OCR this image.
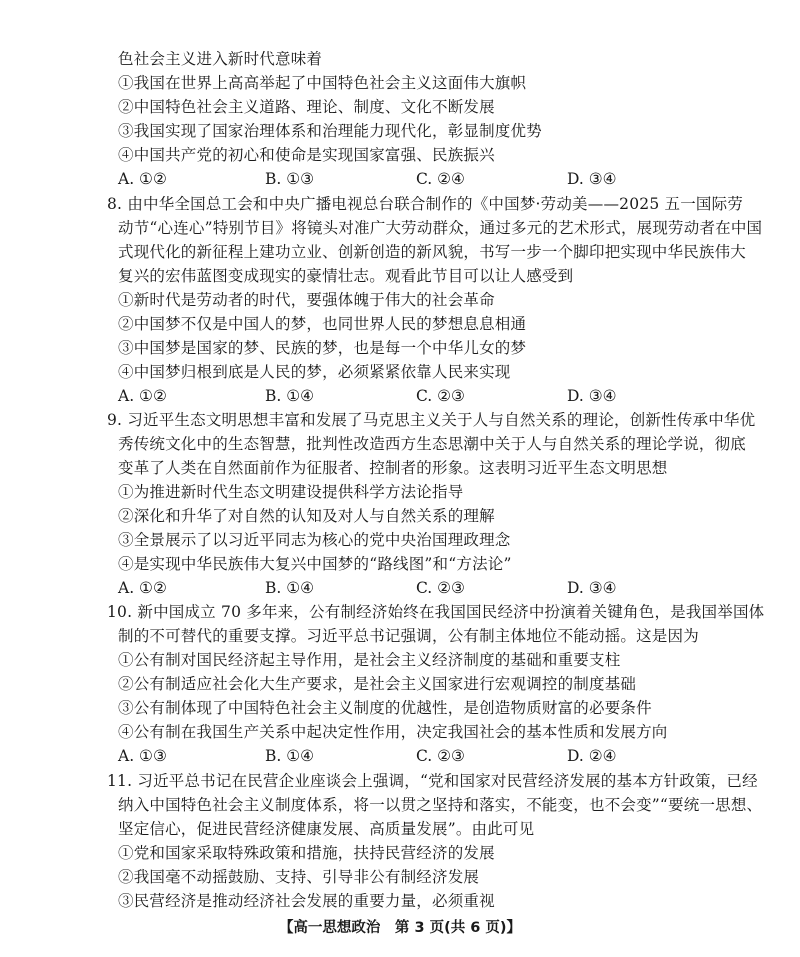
色社会主义进入新时代意味着
①我国在世界上高高举起了中国特色社会主义这面伟大旗帜
②中国特色社会主义道路、理论、制度、文化不断发展
③我国实现了国家治理体系和治理能力现代化，彰显制度优势
④中国共产党的初心和使命是实现国家富强、民族振兴
A. ①②	B. ①③	C. ②④	D. ③④
8. 由中华全国总工会和中央广播电视总台联合制作的《中国梦·劳动美——2025 五一国际劳
动节“心连心”特别节目》将镜头对准广大劳动群众，通过多元的艺术形式，展现劳动者在中国
式现代化的新征程上建功立业、创新创造的新风貌，书写一步一个脚印把实现中华民族伟大
复兴的宏伟蓝图变成现实的豪情壮志。观看此节目可以让人感受到
①新时代是劳动者的时代，要强体魄于伟大的社会革命
②中国梦不仅是中国人的梦，也同世界人民的梦想息息相通
③中国梦是国家的梦、民族的梦，也是每一个中华儿女的梦
④中国梦归根到底是人民的梦，必须紧紧依靠人民来实现
A. ①②	B. ①④	C. ②③	D. ③④
9. 习近平生态文明思想丰富和发展了马克思主义关于人与自然关系的理论，创新性传承中华优
秀传统文化中的生态智慧，批判性改造西方生态思潮中关于人与自然关系的理论学说，彻底
变革了人类在自然面前作为征服者、控制者的形象。这表明习近平生态文明思想
①为推进新时代生态文明建设提供科学方法论指导
②深化和升华了对自然的认知及对人与自然关系的理解
③全景展示了以习近平同志为核心的党中央治国理政理念
④是实现中华民族伟大复兴中国梦的“路线图”和“方法论”
A. ①②	B. ①④	C. ②③	D. ③④
10. 新中国成立 70 多年来，公有制经济始终在我国国民经济中扮演着关键角色，是我国举国体
制的不可替代的重要支撑。习近平总书记强调，公有制主体地位不能动摇。这是因为
①公有制对国民经济起主导作用，是社会主义经济制度的基础和重要支柱
②公有制适应社会化大生产要求，是社会主义国家进行宏观调控的制度基础
③公有制体现了中国特色社会主义制度的优越性，是创造物质财富的必要条件
④公有制在我国生产关系中起决定性作用，决定我国社会的基本性质和发展方向
A. ①③	B. ①④	C. ②③	D. ②④
11. 习近平总书记在民营企业座谈会上强调，“党和国家对民营经济发展的基本方针政策，已经
纳入中国特色社会主义制度体系，将一以贯之坚持和落实，不能变，也不会变”“要统一思想、
坚定信心，促进民营经济健康发展、高质量发展”。由此可见
①党和国家采取特殊政策和措施，扶持民营经济的发展
②我国毫不动摇鼓励、支持、引导非公有制经济发展
③民营经济是推动经济社会发展的重要力量，必须重视
【高一思想政治　第 3 页(共 6 页)】
